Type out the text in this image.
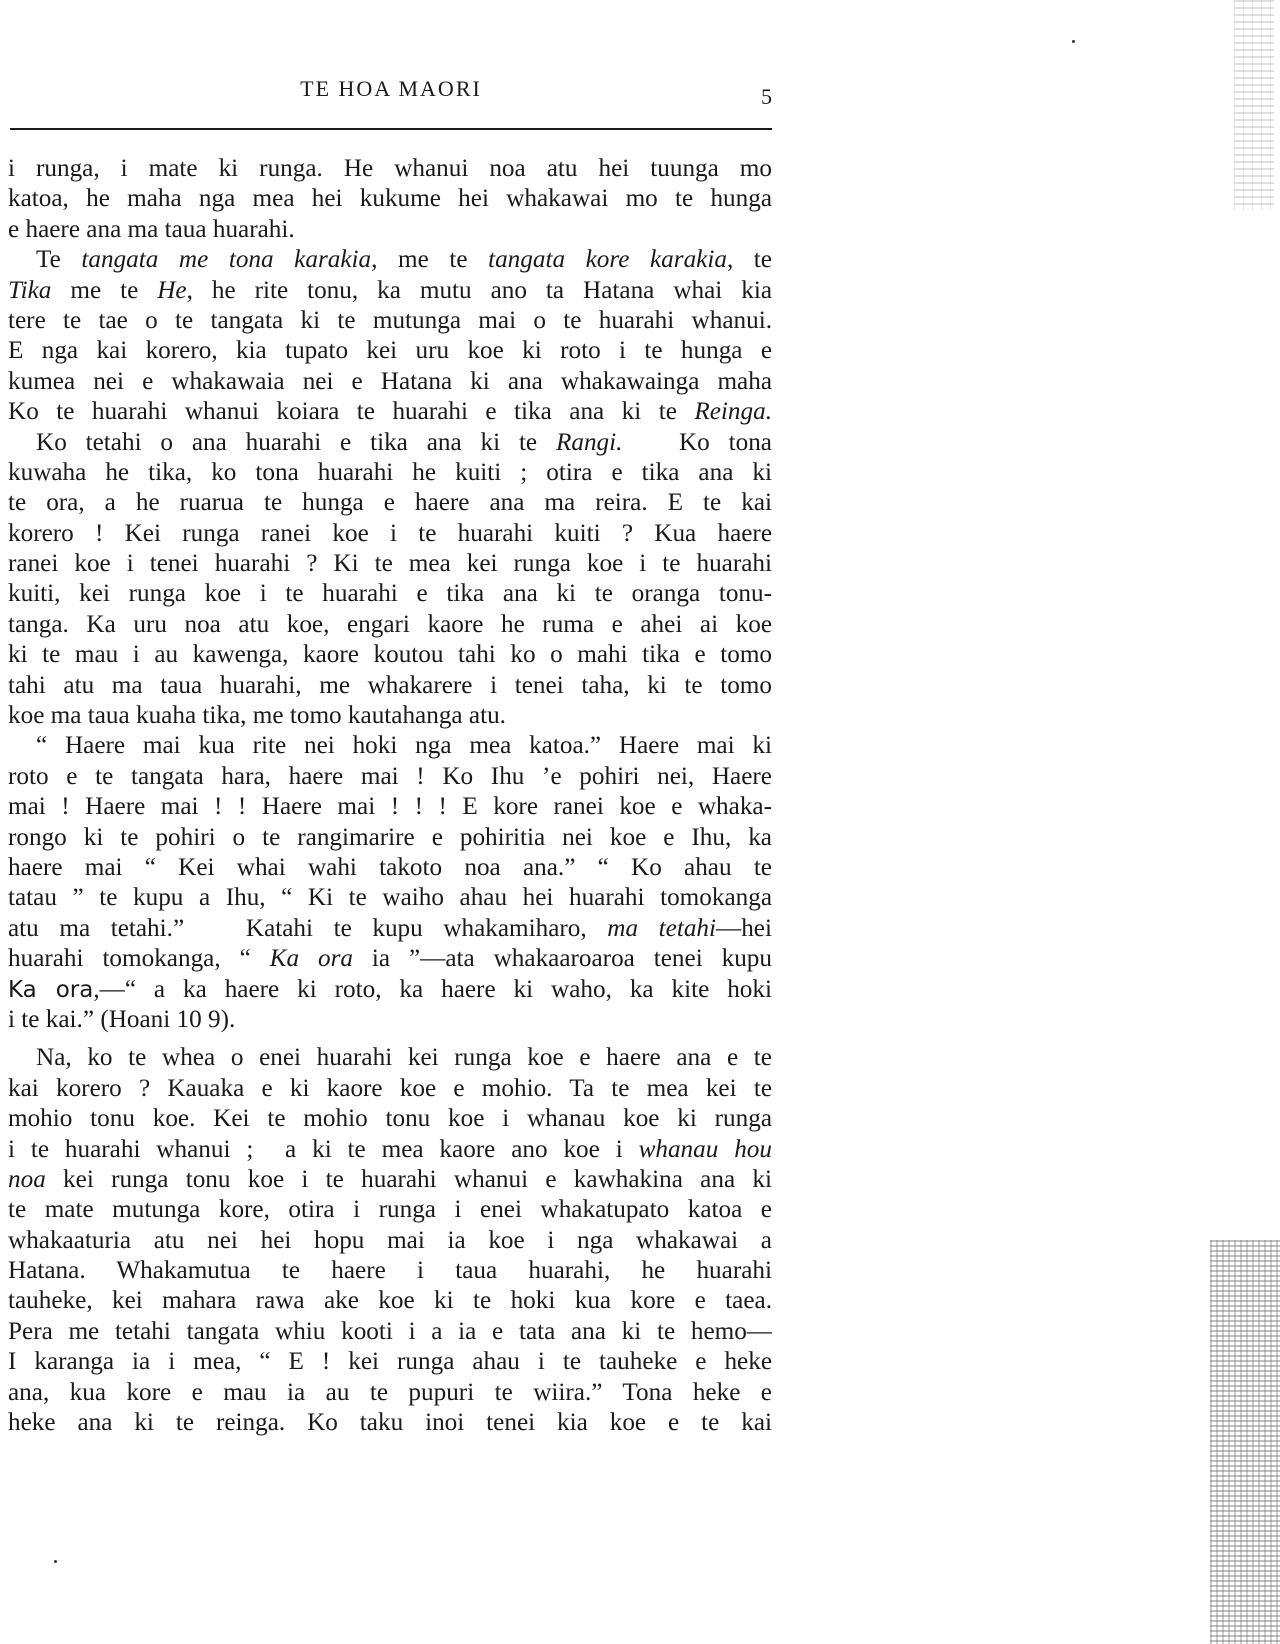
TE HOA MAORI	5
i runga, i mate ki runga. He whanui noa atu hei tuunga mo
katoa, he maha nga mea hei kukume hei whakawai mo te hunga
e haere ana ma taua huarahi.
Te tangata me tona karakia, me te tangata kore karakia, te
Tika me te He, he rite tonu, ka mutu ano ta Hatana whai kia
tere te tae o te tangata ki te mutunga mai o te huarahi whanui.
E nga kai korero, kia tupato kei uru koe ki roto i te hunga e
kumea nei e whakawaia nei e Hatana ki ana whakawainga maha
Ko te huarahi whanui koiara te huarahi e tika ana ki te Reinga.
Ko tetahi o ana huarahi e tika ana ki te Rangi.   Ko tona
kuwaha he tika, ko tona huarahi he kuiti ; otira e tika ana ki
te ora, a he ruarua te hunga e haere ana ma reira. E te kai
korero ! Kei runga ranei koe i te huarahi kuiti ? Kua haere
ranei koe i tenei huarahi ? Ki te mea kei runga koe i te huarahi
kuiti, kei runga koe i te huarahi e tika ana ki te oranga tonu-
tanga. Ka uru noa atu koe, engari kaore he ruma e ahei ai koe
ki te mau i au kawenga, kaore koutou tahi ko o mahi tika e tomo
tahi atu ma taua huarahi, me whakarere i tenei taha, ki te tomo
koe ma taua kuaha tika, me tomo kautahanga atu.
“ Haere mai kua rite nei hoki nga mea katoa.” Haere mai ki
roto e te tangata hara, haere mai ! Ko Ihu ’e pohiri nei, Haere
mai ! Haere mai ! ! Haere mai ! ! ! E kore ranei koe e whaka-
rongo ki te pohiri o te rangimarire e pohiritia nei koe e Ihu, ka
haere mai “ Kei whai wahi takoto noa ana.” “ Ko ahau te
tatau ” te kupu a Ihu, “ Ki te waiho ahau hei huarahi tomokanga
atu ma tetahi.”   Katahi te kupu whakamiharo, ma tetahi—hei
huarahi tomokanga, “ Ka ora ia ”—ata whakaaroaroa tenei kupu
Ka ora,—“ a ka haere ki roto, ka haere ki waho, ka kite hoki
i te kai.” (Hoani 10 9).
Na, ko te whea o enei huarahi kei runga koe e haere ana e te
kai korero ? Kauaka e ki kaore koe e mohio. Ta te mea kei te
mohio tonu koe. Kei te mohio tonu koe i whanau koe ki runga
i te huarahi whanui ;  a ki te mea kaore ano koe i whanau hou
noa kei runga tonu koe i te huarahi whanui e kawhakina ana ki
te mate mutunga kore, otira i runga i enei whakatupato katoa e
whakaaturia atu nei hei hopu mai ia koe i nga whakawai a
Hatana. Whakamutua te haere i taua huarahi, he huarahi
tauheke, kei mahara rawa ake koe ki te hoki kua kore e taea.
Pera me tetahi tangata whiu kooti i a ia e tata ana ki te hemo—
I karanga ia i mea, “ E ! kei runga ahau i te tauheke e heke
ana, kua kore e mau ia au te pupuri te wiira.” Tona heke e
heke ana ki te reinga. Ko taku inoi tenei kia koe e te kai
